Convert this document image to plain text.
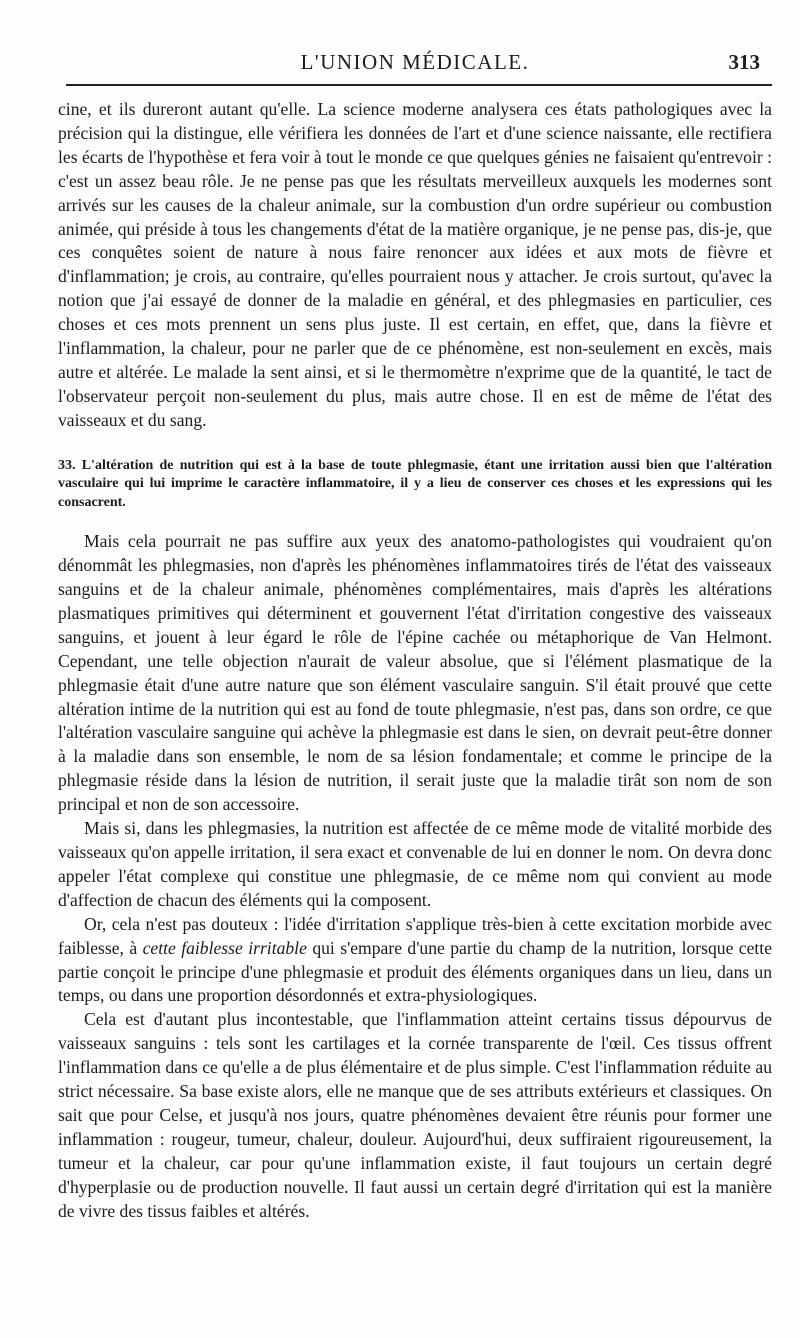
L'UNION MÉDICALE.	313

cine, et ils dureront autant qu'elle. La science moderne analysera ces états pathologiques avec la précision qui la distingue, elle vérifiera les données de l'art et d'une science naissante, elle rectifiera les écarts de l'hypothèse et fera voir à tout le monde ce que quelques génies ne faisaient qu'entrevoir : c'est un assez beau rôle. Je ne pense pas que les résultats merveilleux auxquels les modernes sont arrivés sur les causes de la chaleur animale, sur la combustion d'un ordre supérieur ou combustion animée, qui préside à tous les changements d'état de la matière organique, je ne pense pas, dis-je, que ces conquêtes soient de nature à nous faire renoncer aux idées et aux mots de fièvre et d'inflammation; je crois, au contraire, qu'elles pourraient nous y attacher. Je crois surtout, qu'avec la notion que j'ai essayé de donner de la maladie en général, et des phlegmasies en particulier, ces choses et ces mots prennent un sens plus juste. Il est certain, en effet, que, dans la fièvre et l'inflammation, la chaleur, pour ne parler que de ce phénomène, est non-seulement en excès, mais autre et altérée. Le malade la sent ainsi, et si le thermomètre n'exprime que de la quantité, le tact de l'observateur perçoit non-seulement du plus, mais autre chose. Il en est de même de l'état des vaisseaux et du sang.

33. L'altération de nutrition qui est à la base de toute phlegmasie, étant une irritation aussi bien que l'altération vasculaire qui lui imprime le caractère inflammatoire, il y a lieu de conserver ces choses et les expressions qui les consacrent.

Mais cela pourrait ne pas suffire aux yeux des anatomo-pathologistes qui voudraient qu'on dénommât les phlegmasies, non d'après les phénomènes inflammatoires tirés de l'état des vaisseaux sanguins et de la chaleur animale, phénomènes complémentaires, mais d'après les altérations plasmatiques primitives qui déterminent et gouvernent l'état d'irritation congestive des vaisseaux sanguins, et jouent à leur égard le rôle de l'épine cachée ou métaphorique de Van Helmont. Cependant, une telle objection n'aurait de valeur absolue, que si l'élément plasmatique de la phlegmasie était d'une autre nature que son élément vasculaire sanguin. S'il était prouvé que cette altération intime de la nutrition qui est au fond de toute phlegmasie, n'est pas, dans son ordre, ce que l'altération vasculaire sanguine qui achève la phlegmasie est dans le sien, on devrait peut-être donner à la maladie dans son ensemble, le nom de sa lésion fondamentale; et comme le principe de la phlegmasie réside dans la lésion de nutrition, il serait juste que la maladie tirât son nom de son principal et non de son accessoire.

Mais si, dans les phlegmasies, la nutrition est affectée de ce même mode de vitalité morbide des vaisseaux qu'on appelle irritation, il sera exact et convenable de lui en donner le nom. On devra donc appeler l'état complexe qui constitue une phlegmasie, de ce même nom qui convient au mode d'affection de chacun des éléments qui la composent.

Or, cela n'est pas douteux : l'idée d'irritation s'applique très-bien à cette excitation morbide avec faiblesse, à cette faiblesse irritable qui s'empare d'une partie du champ de la nutrition, lorsque cette partie conçoit le principe d'une phlegmasie et produit des éléments organiques dans un lieu, dans un temps, ou dans une proportion désordonnés et extra-physiologiques.

Cela est d'autant plus incontestable, que l'inflammation atteint certains tissus dépourvus de vaisseaux sanguins : tels sont les cartilages et la cornée transparente de l'œil. Ces tissus offrent l'inflammation dans ce qu'elle a de plus élémentaire et de plus simple. C'est l'inflammation réduite au strict nécessaire. Sa base existe alors, elle ne manque que de ses attributs extérieurs et classiques. On sait que pour Celse, et jusqu'à nos jours, quatre phénomènes devaient être réunis pour former une inflammation : rougeur, tumeur, chaleur, douleur. Aujourd'hui, deux suffiraient rigoureusement, la tumeur et la chaleur, car pour qu'une inflammation existe, il faut toujours un certain degré d'hyperplasie ou de production nouvelle. Il faut aussi un certain degré d'irritation qui est la manière de vivre des tissus faibles et altérés.
